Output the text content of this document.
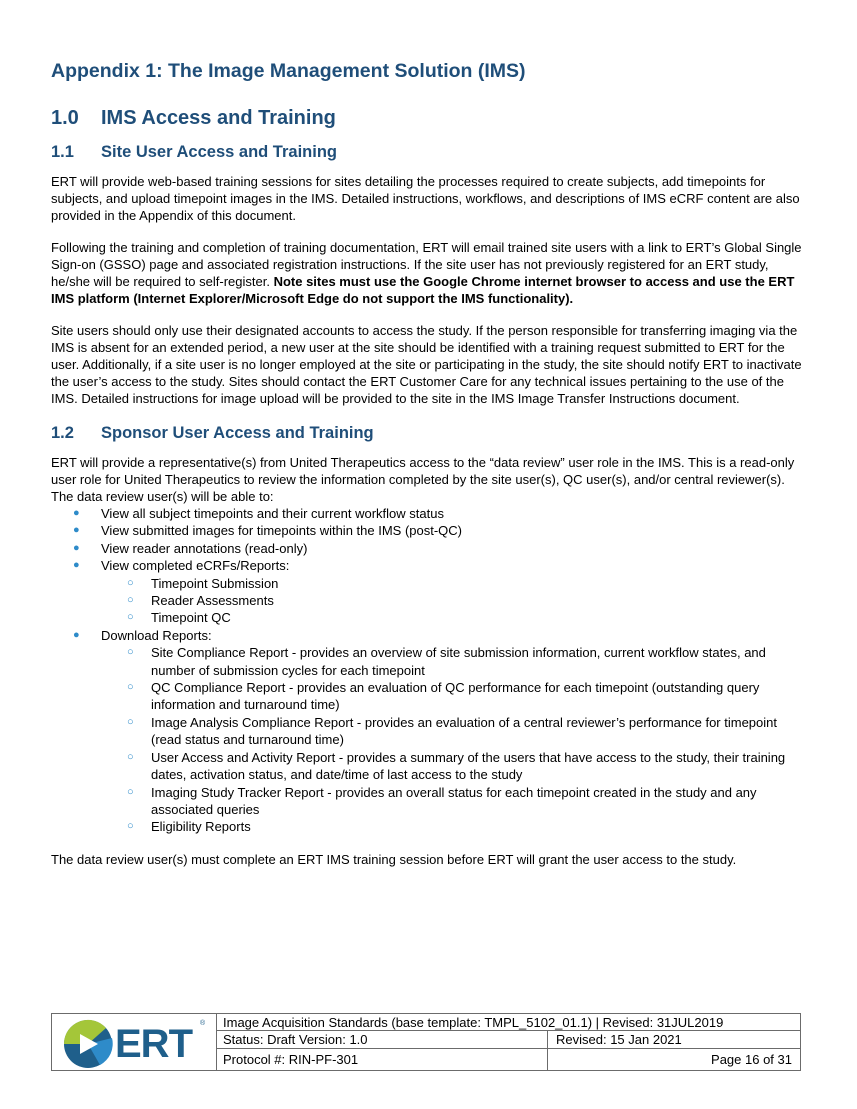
Appendix 1: The Image Management Solution (IMS)
1.0 IMS Access and Training
1.1 Site User Access and Training

ERT will provide web-based training sessions for sites detailing the processes required to create subjects, add timepoints for subjects, and upload timepoint images in the IMS. Detailed instructions, workflows, and descriptions of IMS eCRF content are also provided in the Appendix of this document.

Following the training and completion of training documentation, ERT will email trained site users with a link to ERT’s Global Single Sign-on (GSSO) page and associated registration instructions. If the site user has not previously registered for an ERT study, he/she will be required to self-register. Note sites must use the Google Chrome internet browser to access and use the ERT IMS platform (Internet Explorer/Microsoft Edge do not support the IMS functionality).

Site users should only use their designated accounts to access the study. If the person responsible for transferring imaging via the IMS is absent for an extended period, a new user at the site should be identified with a training request submitted to ERT for the user. Additionally, if a site user is no longer employed at the site or participating in the study, the site should notify ERT to inactivate the user’s access to the study. Sites should contact the ERT Customer Care for any technical issues pertaining to the use of the IMS. Detailed instructions for image upload will be provided to the site in the IMS Image Transfer Instructions document.

1.2 Sponsor User Access and Training

ERT will provide a representative(s) from United Therapeutics access to the “data review” user role in the IMS. This is a read-only user role for United Therapeutics to review the information completed by the site user(s), QC user(s), and/or central reviewer(s). The data review user(s) will be able to:

● View all subject timepoints and their current workflow status
● View submitted images for timepoints within the IMS (post-QC)
● View reader annotations (read-only)
● View completed eCRFs/Reports:
○ Timepoint Submission
○ Reader Assessments
○ Timepoint QC
● Download Reports:
○ Site Compliance Report - provides an overview of site submission information, current workflow states, and number of submission cycles for each timepoint
○ QC Compliance Report - provides an evaluation of QC performance for each timepoint (outstanding query information and turnaround time)
○ Image Analysis Compliance Report - provides an evaluation of a central reviewer’s performance for timepoint (read status and turnaround time)
○ User Access and Activity Report - provides a summary of the users that have access to the study, their training dates, activation status, and date/time of last access to the study
○ Imaging Study Tracker Report - provides an overall status for each timepoint created in the study and any associated queries
○ Eligibility Reports

The data review user(s) must complete an ERT IMS training session before ERT will grant the user access to the study.

ERT ®	Image Acquisition Standards (base template: TMPL_5102_01.1) | Revised: 31JUL2019
Status: Draft Version: 1.0	Revised: 15 Jan 2021
Protocol #: RIN-PF-301	Page 16 of 31
